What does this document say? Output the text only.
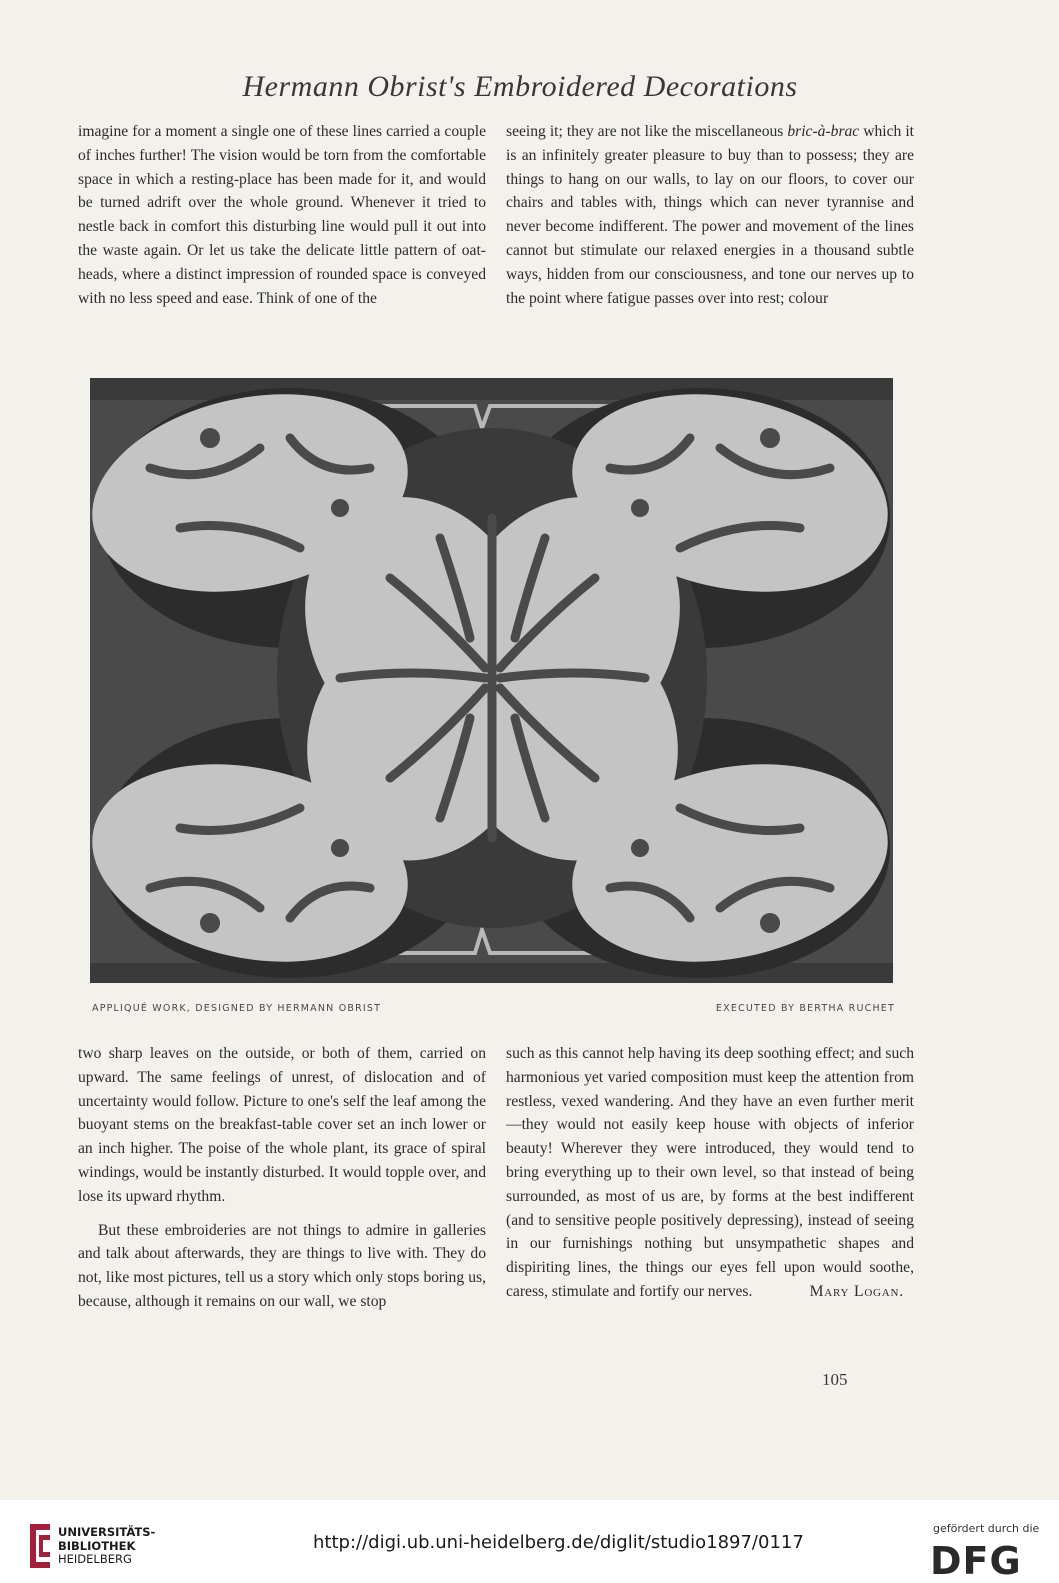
Hermann Obrist's Embroidered Decorations

imagine for a moment a single one of these lines carried a couple of inches further! The vision would be torn from the comfortable space in which a resting-place has been made for it, and would be turned adrift over the whole ground. Whenever it tried to nestle back in comfort this disturbing line would pull it out into the waste again. Or let us take the delicate little pattern of oat-heads, where a distinct impression of rounded space is conveyed with no less speed and ease. Think of one of the

seeing it; they are not like the miscellaneous bric-à-brac which it is an infinitely greater pleasure to buy than to possess; they are things to hang on our walls, to lay on our floors, to cover our chairs and tables with, things which can never tyrannise and never become indifferent. The power and movement of the lines cannot but stimulate our relaxed energies in a thousand subtle ways, hidden from our consciousness, and tone our nerves up to the point where fatigue passes over into rest; colour

APPLIQUÉ WORK, DESIGNED BY HERMANN OBRIST	EXECUTED BY BERTHA RUCHET

two sharp leaves on the outside, or both of them, carried on upward. The same feelings of unrest, of dislocation and of uncertainty would follow. Picture to one's self the leaf among the buoyant stems on the breakfast-table cover set an inch lower or an inch higher. The poise of the whole plant, its grace of spiral windings, would be instantly disturbed. It would topple over, and lose its upward rhythm.

But these embroideries are not things to admire in galleries and talk about afterwards, they are things to live with. They do not, like most pictures, tell us a story which only stops boring us, because, although it remains on our wall, we stop

such as this cannot help having its deep soothing effect; and such harmonious yet varied composition must keep the attention from restless, vexed wandering. And they have an even further merit—they would not easily keep house with objects of inferior beauty! Wherever they were introduced, they would tend to bring everything up to their own level, so that instead of being surrounded, as most of us are, by forms at the best indifferent (and to sensitive people positively depressing), instead of seeing in our furnishings nothing but unsympathetic shapes and dispiriting lines, the things our eyes fell upon would soothe, caress, stimulate and fortify our nerves.	Mary Logan.

105
UNIVERSITÄTS-
BIBLIOTHEK
HEIDELBERG
http://digi.ub.uni-heidelberg.de/diglit/studio1897/0117
gefördert durch die
DFG
